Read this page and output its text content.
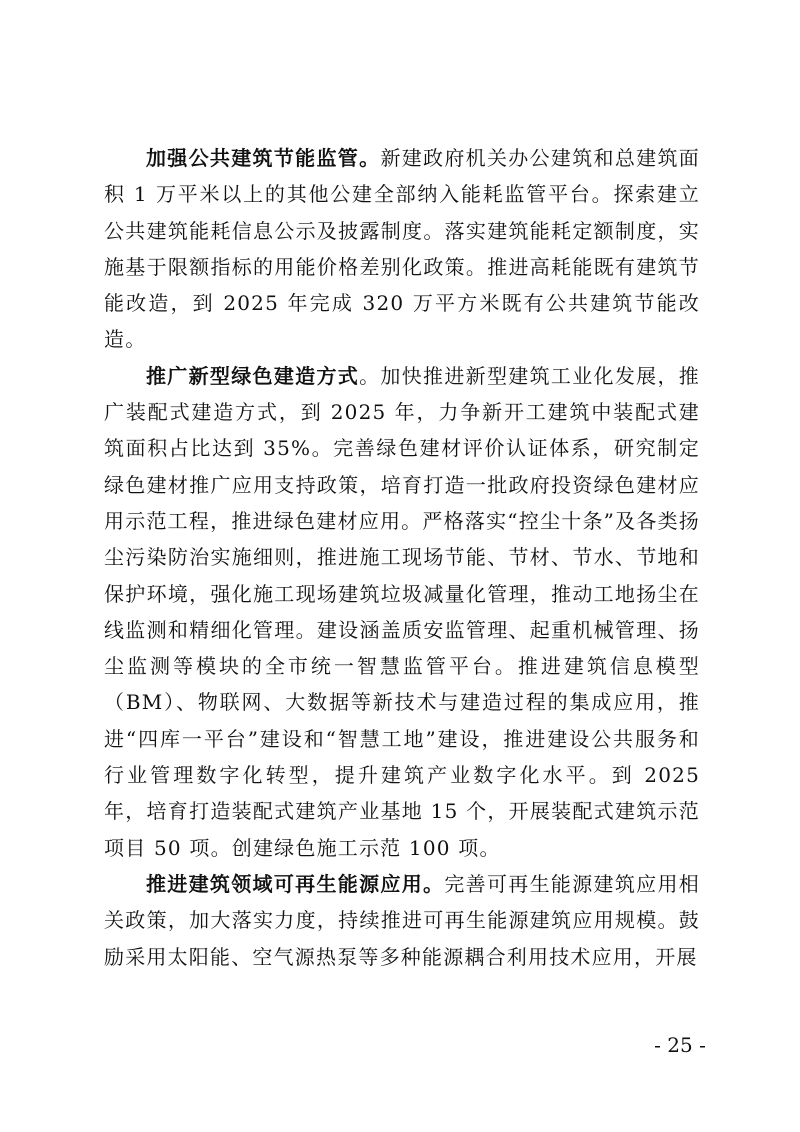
加强公共建筑节能监管。新建政府机关办公建筑和总建筑面积 1 万平米以上的其他公建全部纳入能耗监管平台。探索建立公共建筑能耗信息公示及披露制度。落实建筑能耗定额制度，实施基于限额指标的用能价格差别化政策。推进高耗能既有建筑节能改造，到 2025 年完成 320 万平方米既有公共建筑节能改造。

推广新型绿色建造方式。加快推进新型建筑工业化发展，推广装配式建造方式，到 2025 年，力争新开工建筑中装配式建筑面积占比达到 35%。完善绿色建材评价认证体系，研究制定绿色建材推广应用支持政策，培育打造一批政府投资绿色建材应用示范工程，推进绿色建材应用。严格落实“控尘十条”及各类扬尘污染防治实施细则，推进施工现场节能、节材、节水、节地和保护环境，强化施工现场建筑垃圾减量化管理，推动工地扬尘在线监测和精细化管理。建设涵盖质安监管理、起重机械管理、扬尘监测等模块的全市统一智慧监管平台。推进建筑信息模型（BM）、物联网、大数据等新技术与建造过程的集成应用，推进“四库一平台”建设和“智慧工地”建设，推进建设公共服务和行业管理数字化转型，提升建筑产业数字化水平。到 2025 年，培育打造装配式建筑产业基地 15 个，开展装配式建筑示范项目 50 项。创建绿色施工示范 100 项。

推进建筑领域可再生能源应用。完善可再生能源建筑应用相关政策，加大落实力度，持续推进可再生能源建筑应用规模。鼓励采用太阳能、空气源热泵等多种能源耦合利用技术应用，开展

- 25 -
